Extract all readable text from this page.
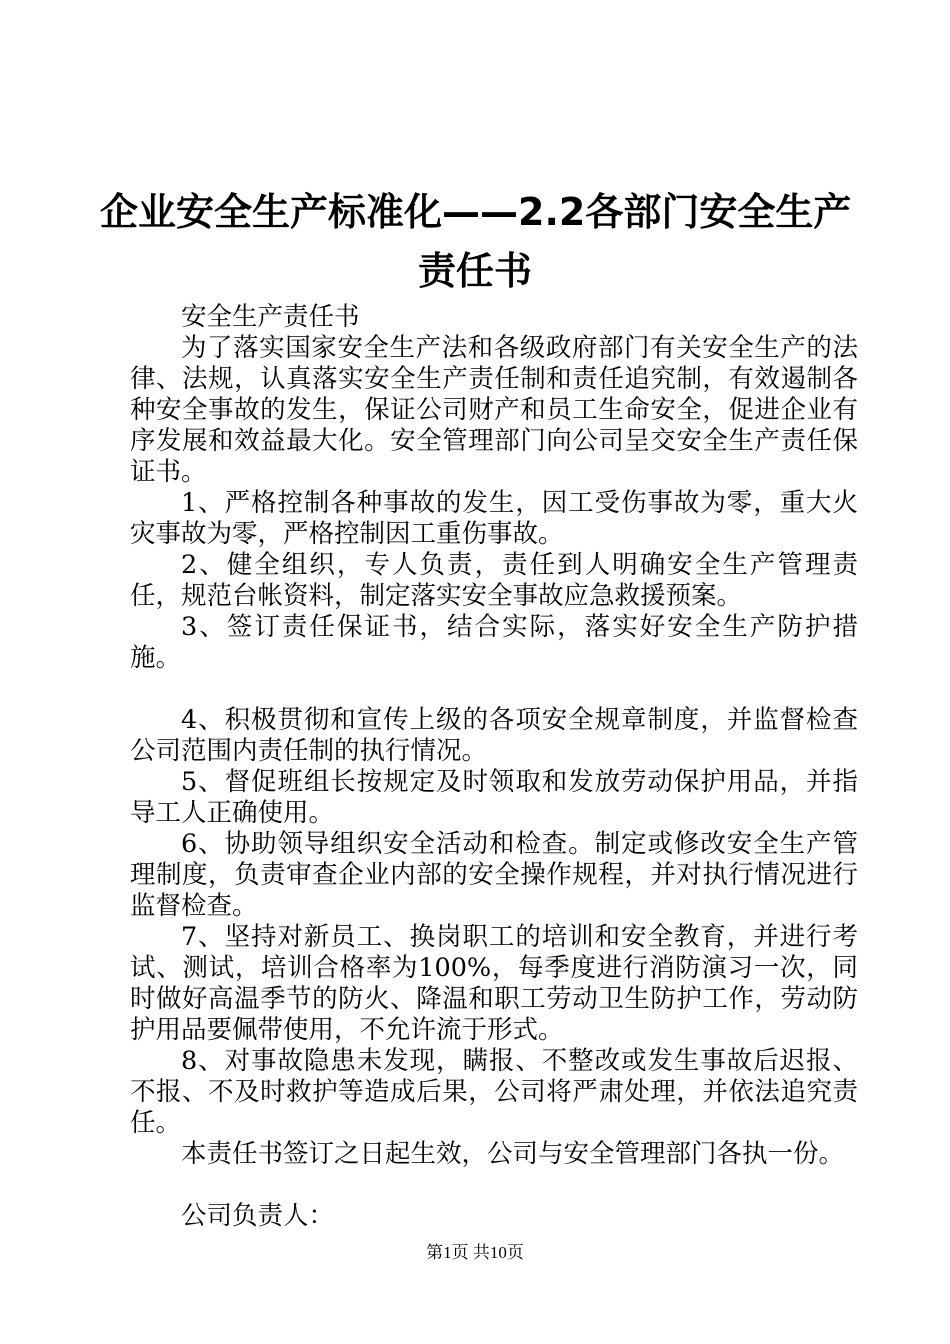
企业安全生产标准化——2.2各部门安全生产
责任书

安全生产责任书

为了落实国家安全生产法和各级政府部门有关安全生产的法律、法规，认真落实安全生产责任制和责任追究制，有效遏制各种安全事故的发生，保证公司财产和员工生命安全，促进企业有序发展和效益最大化。安全管理部门向公司呈交安全生产责任保证书。

1、严格控制各种事故的发生，因工受伤事故为零，重大火灾事故为零，严格控制因工重伤事故。

2、健全组织，专人负责，责任到人明确安全生产管理责任，规范台帐资料，制定落实安全事故应急救援预案。

3、签订责任保证书，结合实际，落实好安全生产防护措施。

4、积极贯彻和宣传上级的各项安全规章制度，并监督检查公司范围内责任制的执行情况。

5、督促班组长按规定及时领取和发放劳动保护用品，并指导工人正确使用。

6、协助领导组织安全活动和检查。制定或修改安全生产管理制度，负责审查企业内部的安全操作规程，并对执行情况进行监督检查。

7、坚持对新员工、换岗职工的培训和安全教育，并进行考试、测试，培训合格率为100%，每季度进行消防演习一次，同时做好高温季节的防火、降温和职工劳动卫生防护工作，劳动防护用品要佩带使用，不允许流于形式。

8、对事故隐患未发现，瞒报、不整改或发生事故后迟报、不报、不及时救护等造成后果，公司将严肃处理，并依法追究责任。

本责任书签订之日起生效，公司与安全管理部门各执一份。

公司负责人：

第1页 共10页
